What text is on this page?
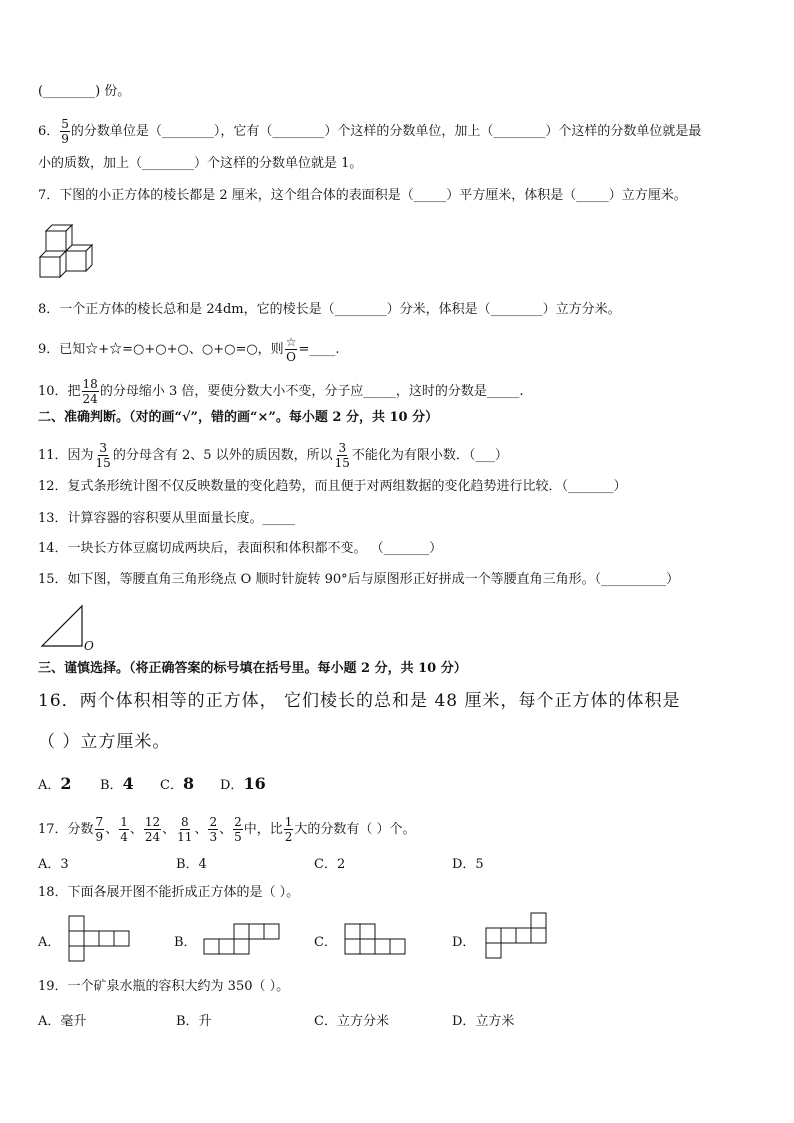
(________) 份。
6． $\frac{5}{9}$ 的分数单位是（________），它有（________）个这样的分数单位，加上（________）个这样的分数单位就是最
小的质数，加上（________）个这样的分数单位就是 1。
7．下图的小正方体的棱长都是 2 厘米，这个组合体的表面积是（_____）平方厘米，体积是（_____）立方厘米。
8．一个正方体的棱长总和是 24dm，它的棱长是（________）分米，体积是（________）立方分米。
9．已知☆+☆=○+○+○、○+○=○，则 $\frac{☆}{O}$ =____.
10．把 $\frac{18}{24}$ 的分母缩小 3 倍，要使分数大小不变，分子应_____，这时的分数是_____.
二、准确判断。（对的画“√”，错的画“×”。每小题 2 分，共 10 分）
11．因为 $\frac{3}{15}$ 的分母含有 2、5 以外的质因数，所以 $\frac{3}{15}$ 不能化为有限小数．（___）
12．复式条形统计图不仅反映数量的变化趋势，而且便于对两组数据的变化趋势进行比较．（_______）
13．计算容器的容积要从里面量长度。_____
14．一块长方体豆腐切成两块后，表面积和体积都不变。 （_______）
15．如下图，等腰直角三角形绕点 O 顺时针旋转 90°后与原图形正好拼成一个等腰直角三角形。（__________）
O
三、谨慎选择。（将正确答案的标号填在括号里。每小题 2 分，共 10 分）
16．两个体积相等的正方体， 它们棱长的总和是 48 厘米，每个正方体的体积是
（ ）立方厘米。
A．2 B．4 C．8 D．16
17．分数 $\frac{7}{9}$ 、 $\frac{1}{4}$ 、 $\frac{12}{24}$ 、 $\frac{8}{11}$ 、 $\frac{2}{3}$ 、 $\frac{2}{5}$ 中，比 $\frac{1}{2}$ 大的分数有（ ）个。
A．3	B．4	C．2	D．5
18．下面各展开图不能折成正方体的是（ ）。
A．	B．	C．	D．
19．一个矿泉水瓶的容积大约为 350（ ）。
A．毫升	B．升	C．立方分米	D．立方米
